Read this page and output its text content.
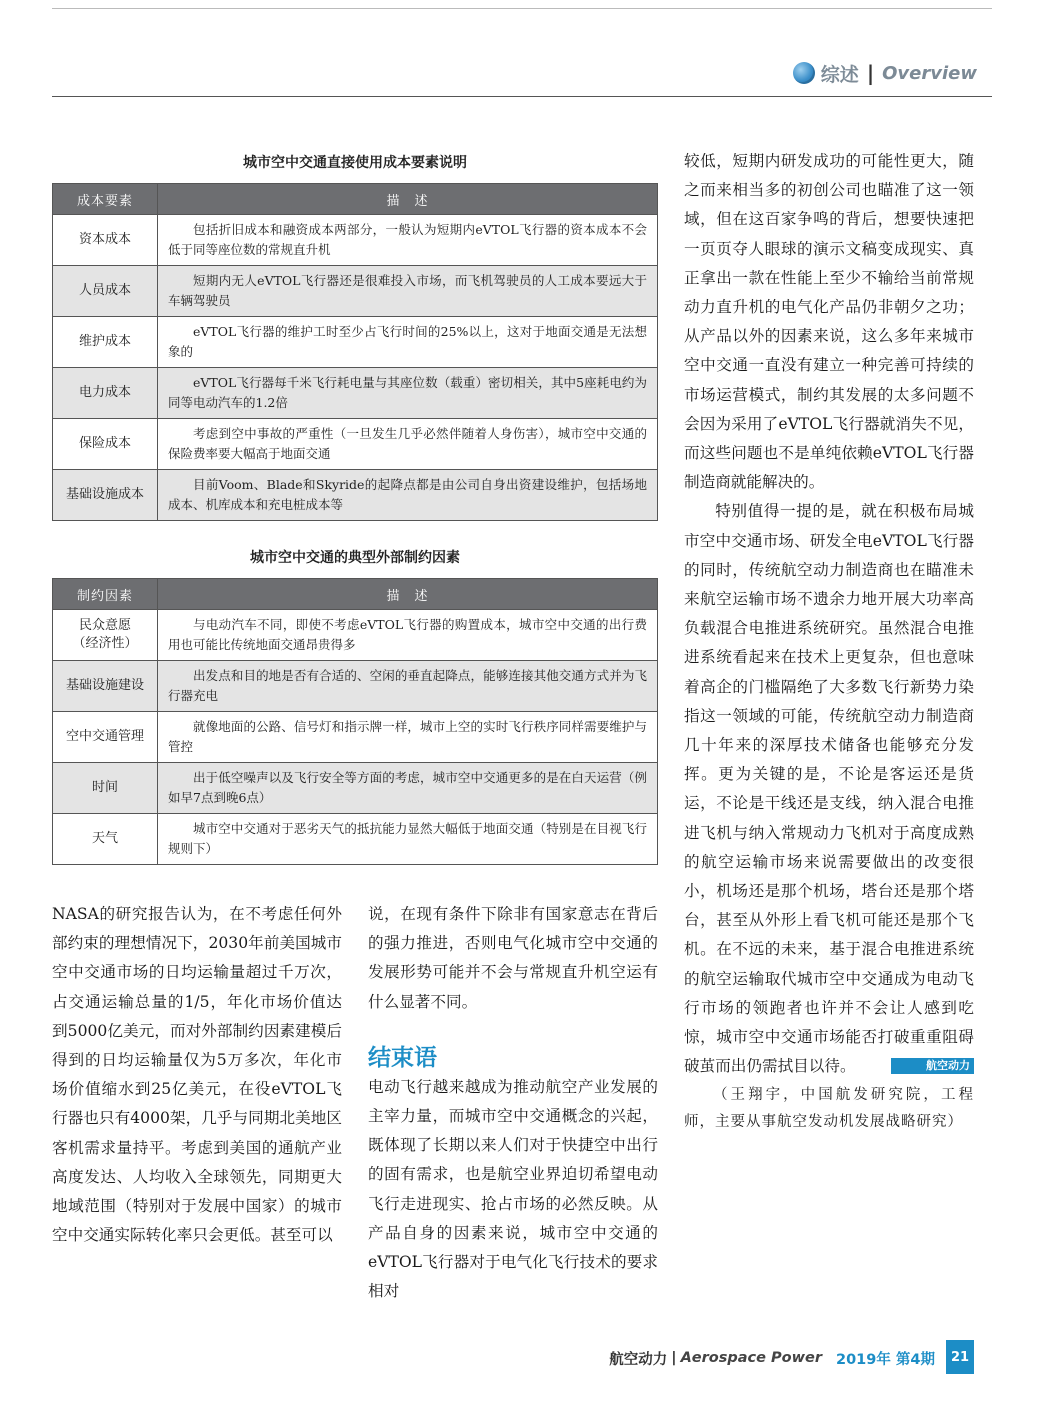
综述 | Overview
城市空中交通直接使用成本要素说明
成本要素	描　述
资本成本	包括折旧成本和融资成本两部分，一般认为短期内eVTOL飞行器的资本成本不会低于同等座位数的常规直升机
人员成本	短期内无人eVTOL飞行器还是很难投入市场，而飞机驾驶员的人工成本要远大于车辆驾驶员
维护成本	eVTOL飞行器的维护工时至少占飞行时间的25%以上，这对于地面交通是无法想象的
电力成本	eVTOL飞行器每千米飞行耗电量与其座位数（载重）密切相关，其中5座耗电约为同等电动汽车的1.2倍
保险成本	考虑到空中事故的严重性（一旦发生几乎必然伴随着人身伤害），城市空中交通的保险费率要大幅高于地面交通
基础设施成本	目前Voom、Blade和Skyride的起降点都是由公司自身出资建设维护，包括场地成本、机库成本和充电桩成本等
城市空中交通的典型外部制约因素
制约因素	描　述
民众意愿
（经济性）	与电动汽车不同，即使不考虑eVTOL飞行器的购置成本，城市空中交通的出行费用也可能比传统地面交通昂贵得多
基础设施建设	出发点和目的地是否有合适的、空闲的垂直起降点，能够连接其他交通方式并为飞行器充电
空中交通管理	就像地面的公路、信号灯和指示牌一样，城市上空的实时飞行秩序同样需要维护与管控
时间	出于低空噪声以及飞行安全等方面的考虑，城市空中交通更多的是在白天运营（例如早7点到晚6点）
天气	城市空中交通对于恶劣天气的抵抗能力显然大幅低于地面交通（特别是在目视飞行规则下）

NASA的研究报告认为，在不考虑任何外部约束的理想情况下，2030年前美国城市空中交通市场的日均运输量超过千万次，占交通运输总量的1/5，年化市场价值达到5000亿美元，而对外部制约因素建模后得到的日均运输量仅为5万多次，年化市场价值缩水到25亿美元，在役eVTOL飞行器也只有4000架，几乎与同期北美地区客机需求量持平。考虑到美国的通航产业高度发达、人均收入全球领先，同期更大地域范围（特别对于发展中国家）的城市空中交通实际转化率只会更低。甚至可以

说，在现有条件下除非有国家意志在背后的强力推进，否则电气化城市空中交通的发展形势可能并不会与常规直升机空运有什么显著不同。

结束语

电动飞行越来越成为推动航空产业发展的主宰力量，而城市空中交通概念的兴起，既体现了长期以来人们对于快捷空中出行的固有需求，也是航空业界迫切希望电动飞行走进现实、抢占市场的必然反映。从产品自身的因素来说，城市空中交通的eVTOL飞行器对于电气化飞行技术的要求相对

较低，短期内研发成功的可能性更大，随之而来相当多的初创公司也瞄准了这一领域，但在这百家争鸣的背后，想要快速把一页页夺人眼球的演示文稿变成现实、真正拿出一款在性能上至少不输给当前常规动力直升机的电气化产品仍非朝夕之功；从产品以外的因素来说，这么多年来城市空中交通一直没有建立一种完善可持续的市场运营模式，制约其发展的太多问题不会因为采用了eVTOL飞行器就消失不见，而这些问题也不是单纯依赖eVTOL飞行器制造商就能解决的。

特别值得一提的是，就在积极布局城市空中交通市场、研发全电eVTOL飞行器的同时，传统航空动力制造商也在瞄准未来航空运输市场不遗余力地开展大功率高负载混合电推进系统研究。虽然混合电推进系统看起来在技术上更复杂，但也意味着高企的门槛隔绝了大多数飞行新势力染指这一领域的可能，传统航空动力制造商几十年来的深厚技术储备也能够充分发挥。更为关键的是，不论是客运还是货运，不论是干线还是支线，纳入混合电推进飞机与纳入常规动力飞机对于高度成熟的航空运输市场来说需要做出的改变很小，机场还是那个机场，塔台还是那个塔台，甚至从外形上看飞机可能还是那个飞机。在不远的未来，基于混合电推进系统的航空运输取代城市空中交通成为电动飞行市场的领跑者也许并不会让人感到吃惊，城市空中交通市场能否打破重重阻碍破茧而出仍需拭目以待。	航空动力

（王翔宇，中国航发研究院，工程师，主要从事航空发动机发展战略研究）

航空动力 | Aerospace Power 2019年 第4期	21
